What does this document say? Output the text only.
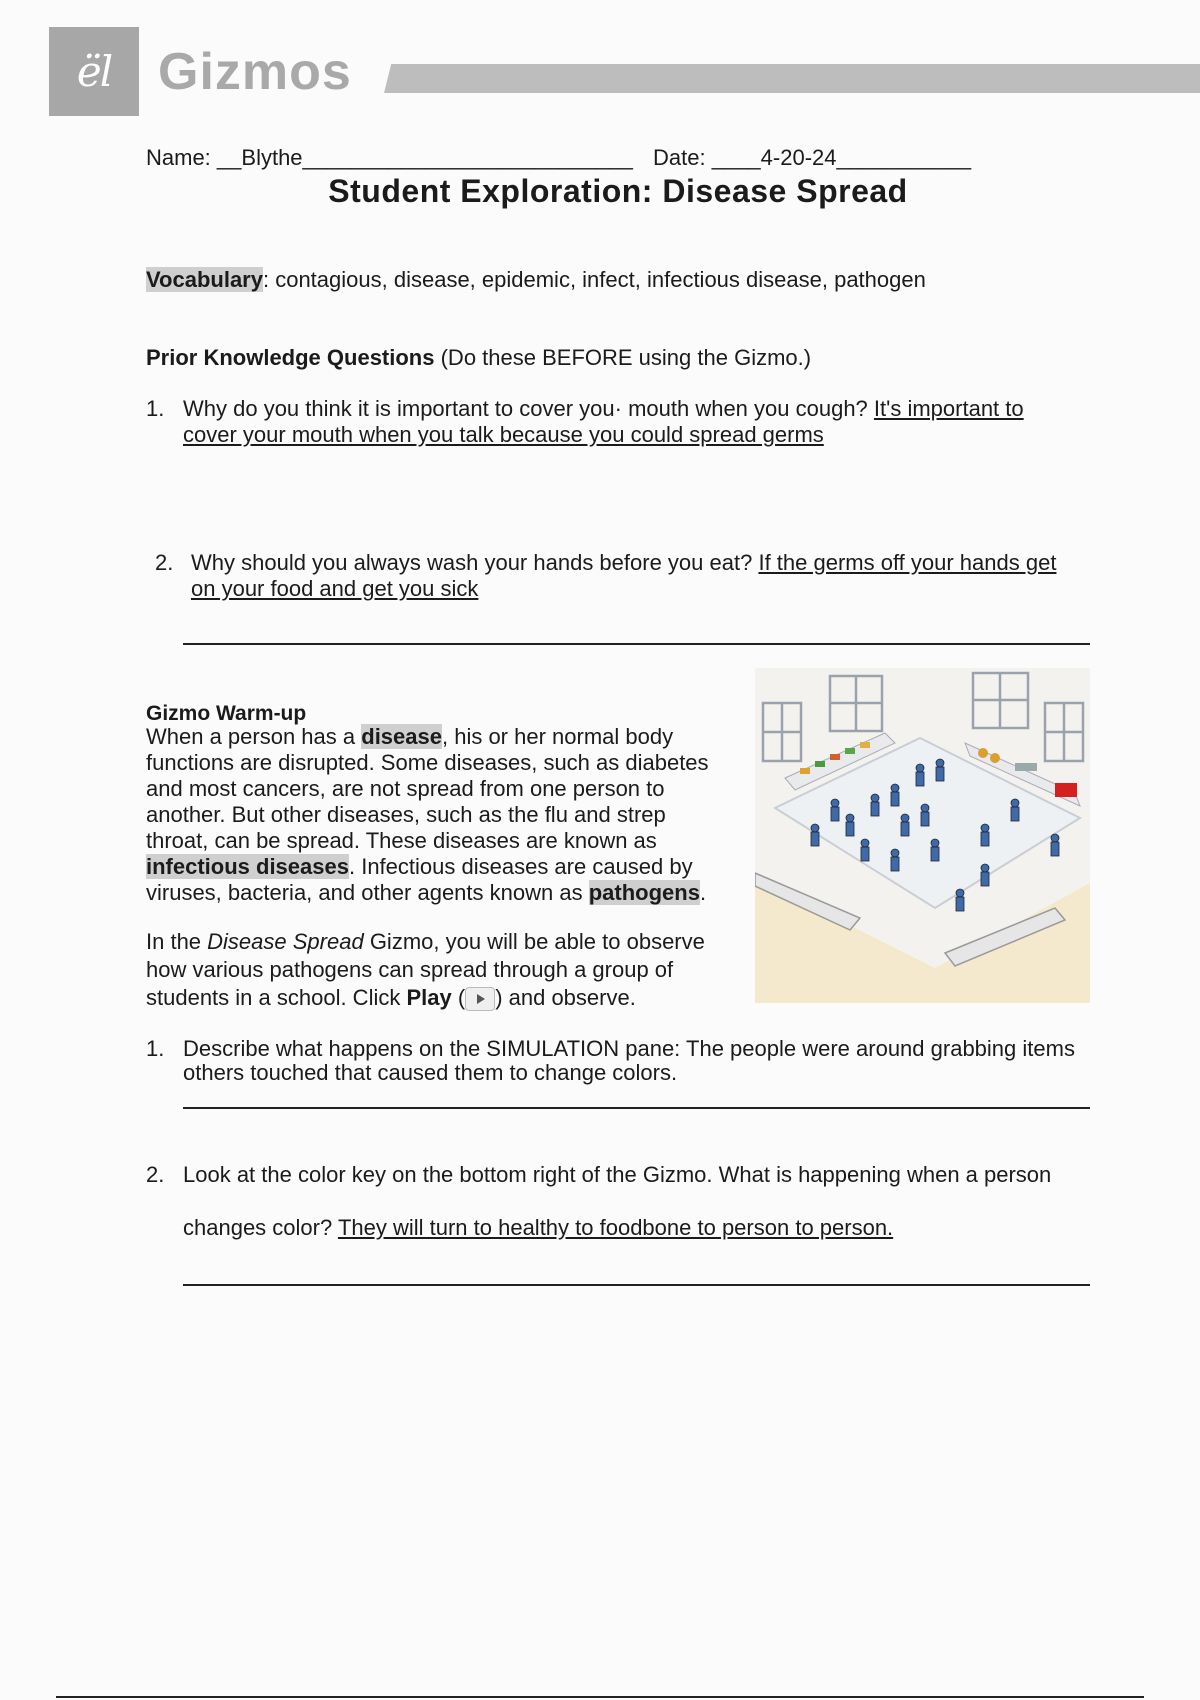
ël Gizmos
Name: __Blythe___________________________ Date: ____4-20-24___________
Student Exploration: Disease Spread
Vocabulary: contagious, disease, epidemic, infect, infectious disease, pathogen
Prior Knowledge Questions (Do these BEFORE using the Gizmo.)
1. Why do you think it is important to cover you· mouth when you cough? It's important to
cover your mouth when you talk because you could spread germs
2. Why should you always wash your hands before you eat? If the germs off your hands get
on your food and get you sick
Gizmo Warm-up
When a person has a disease, his or her normal body functions are disrupted. Some diseases, such as diabetes and most cancers, are not spread from one person to another. But other diseases, such as the flu and strep throat, can be spread. These diseases are known as infectious diseases. Infectious diseases are caused by viruses, bacteria, and other agents known as pathogens.
In the Disease Spread Gizmo, you will be able to observe how various pathogens can spread through a group of students in a school. Click Play ( ) and observe.
1. Describe what happens on the SIMULATION pane: The people were around grabbing items
others touched that caused them to change colors.
2. Look at the color key on the bottom right of the Gizmo. What is happening when a person
changes color? They will turn to healthy to foodbone to person to person.
